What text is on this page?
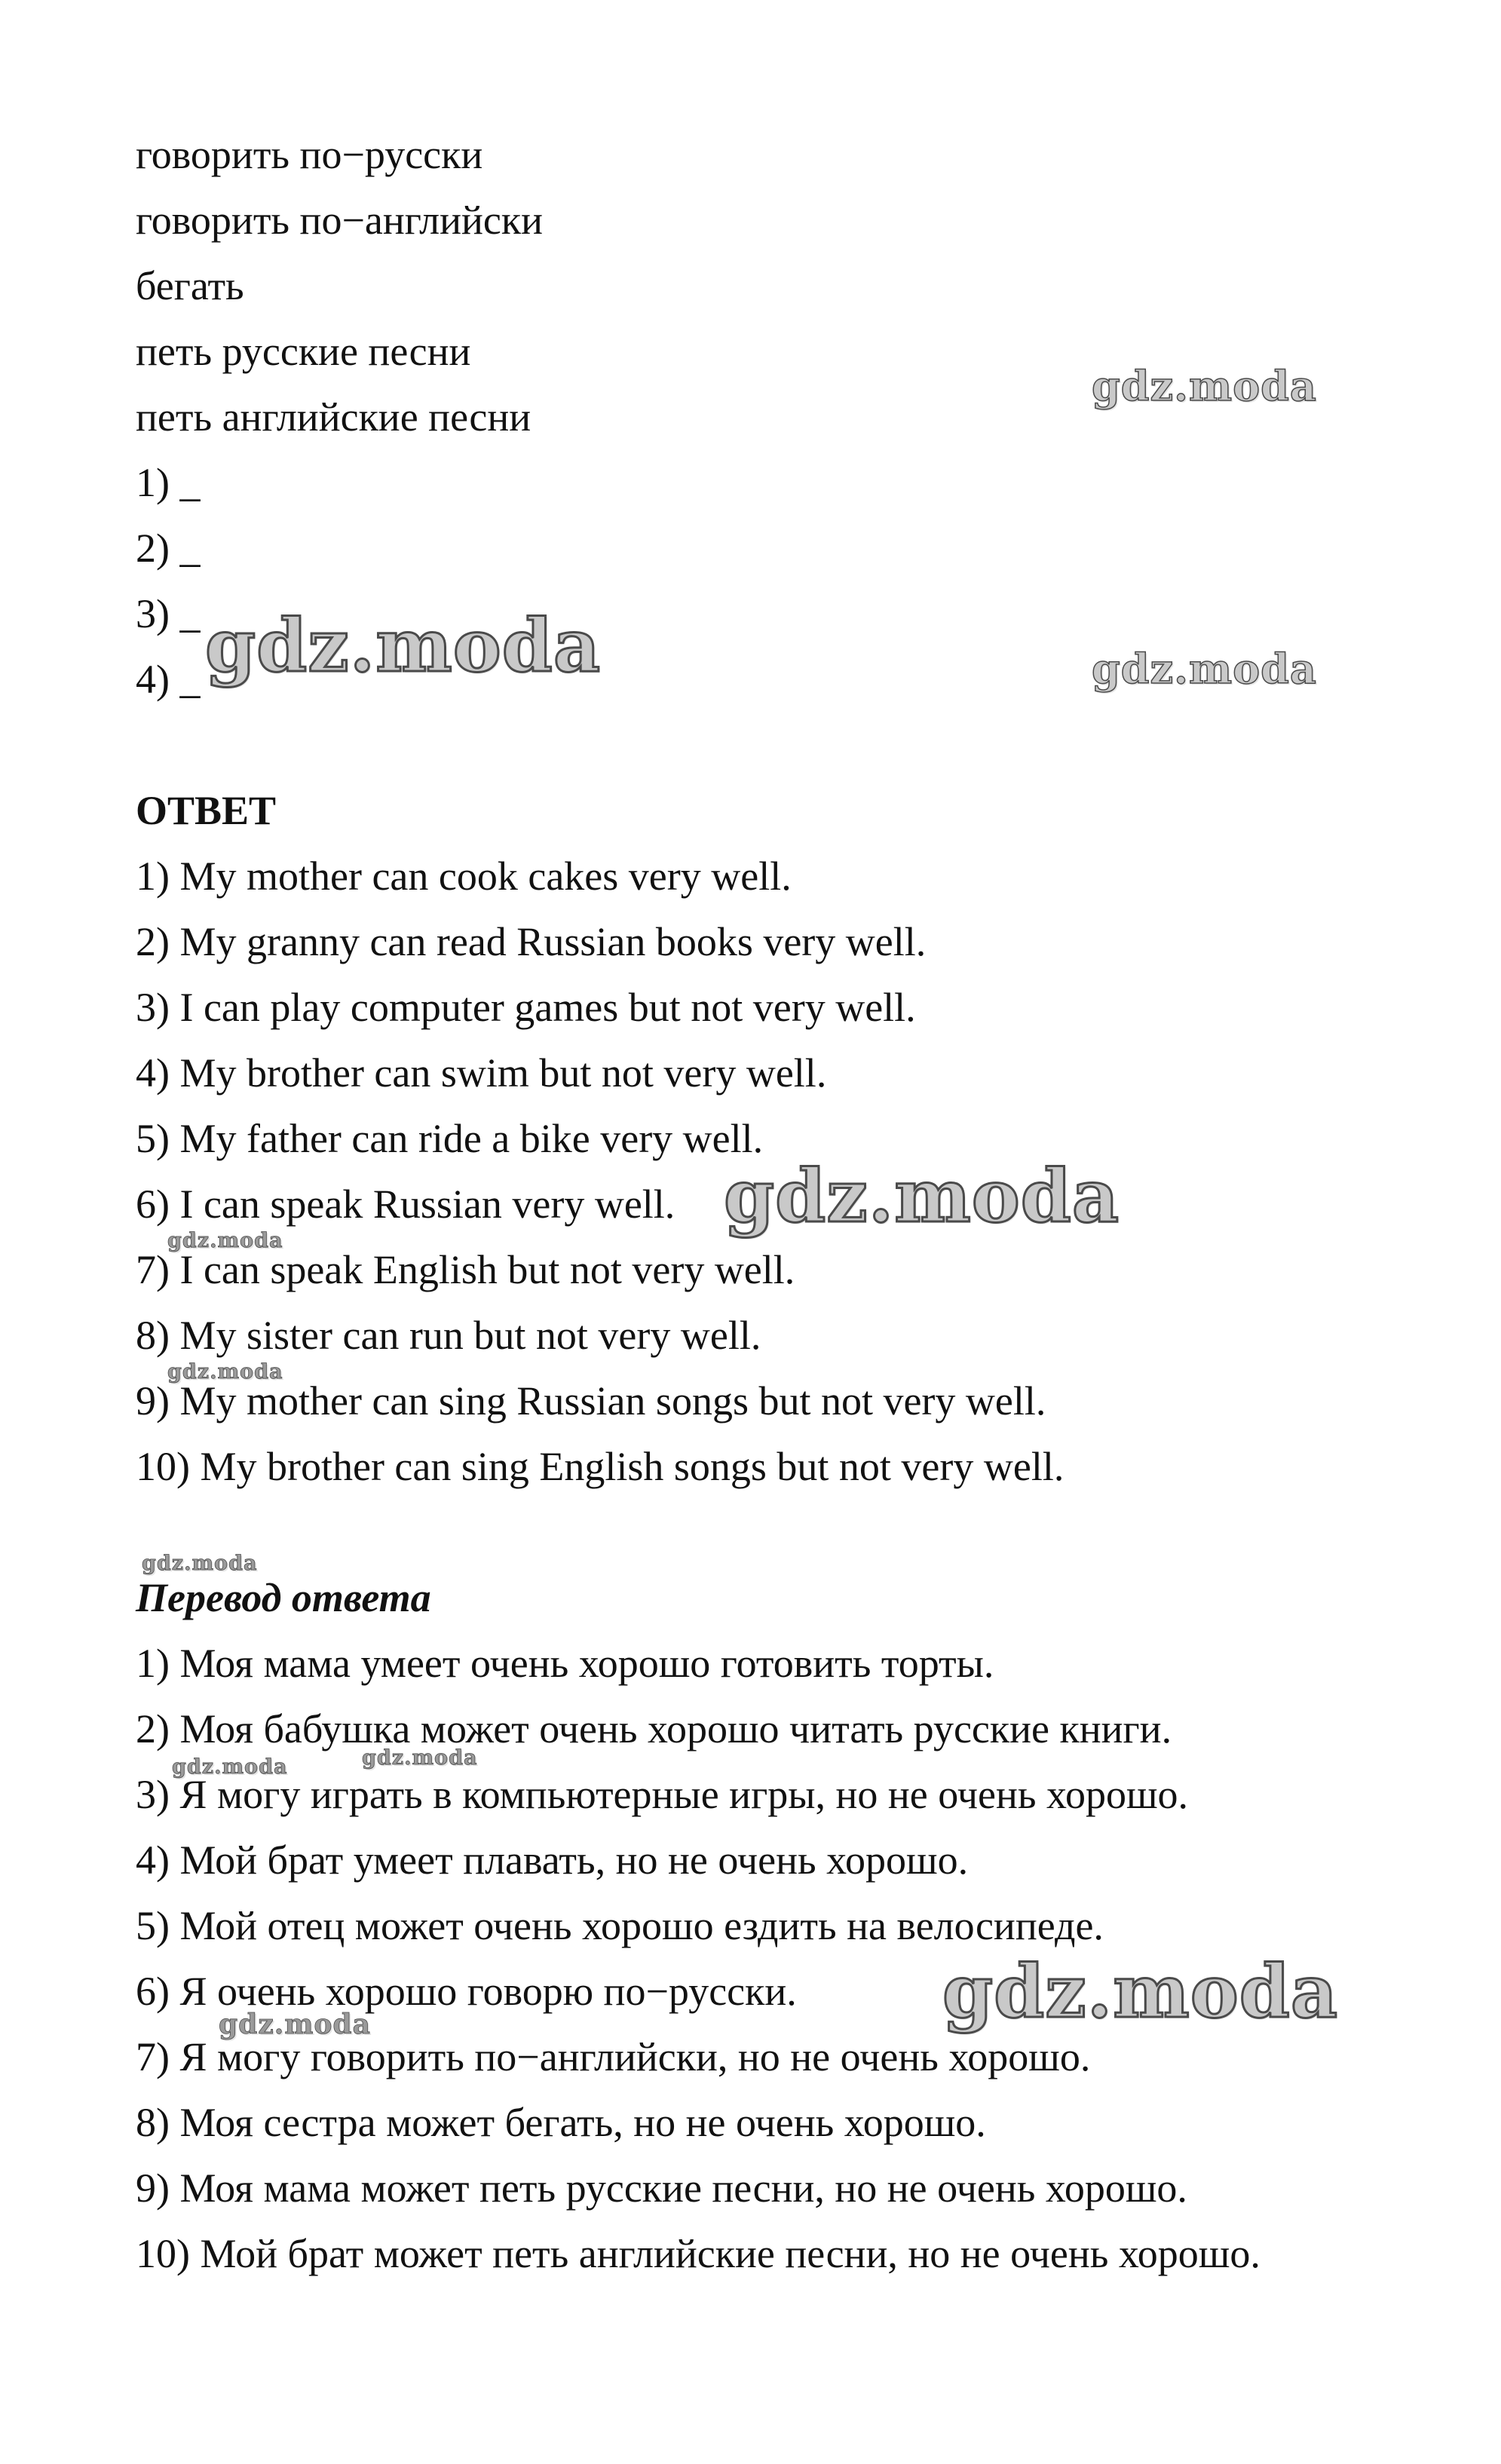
говорить по−русски
говорить по−английски
бегать
петь русские песни
петь английские песни
1) _
2) _
3) _
4) _
ОТВЕТ
1) My mother can cook cakes very well.
2) My granny can read Russian books very well.
3) I can play computer games but not very well.
4) My brother can swim but not very well.
5) My father can ride a bike very well.
6) I can speak Russian very well.
7) I can speak English but not very well.
8) My sister can run but not very well.
9) My mother can sing Russian songs but not very well.
10) My brother can sing English songs but not very well.
Перевод ответа
1) Моя мама умеет очень хорошо готовить торты.
2) Моя бабушка может очень хорошо читать русские книги.
3) Я могу играть в компьютерные игры, но не очень хорошо.
4) Мой брат умеет плавать, но не очень хорошо.
5) Мой отец может очень хорошо ездить на велосипеде.
6) Я очень хорошо говорю по−русски.
7) Я могу говорить по−английски, но не очень хорошо.
8) Моя сестра может бегать, но не очень хорошо.
9) Моя мама может петь русские песни, но не очень хорошо.
10) Мой брат может петь английские песни, но не очень хорошо.
gdz.moda
gdz.moda	gdz.moda
gdz.moda
gdz.moda
gdz.moda
gdz.moda
gdz.moda	gdz.moda
gdz.moda
gdz.moda
